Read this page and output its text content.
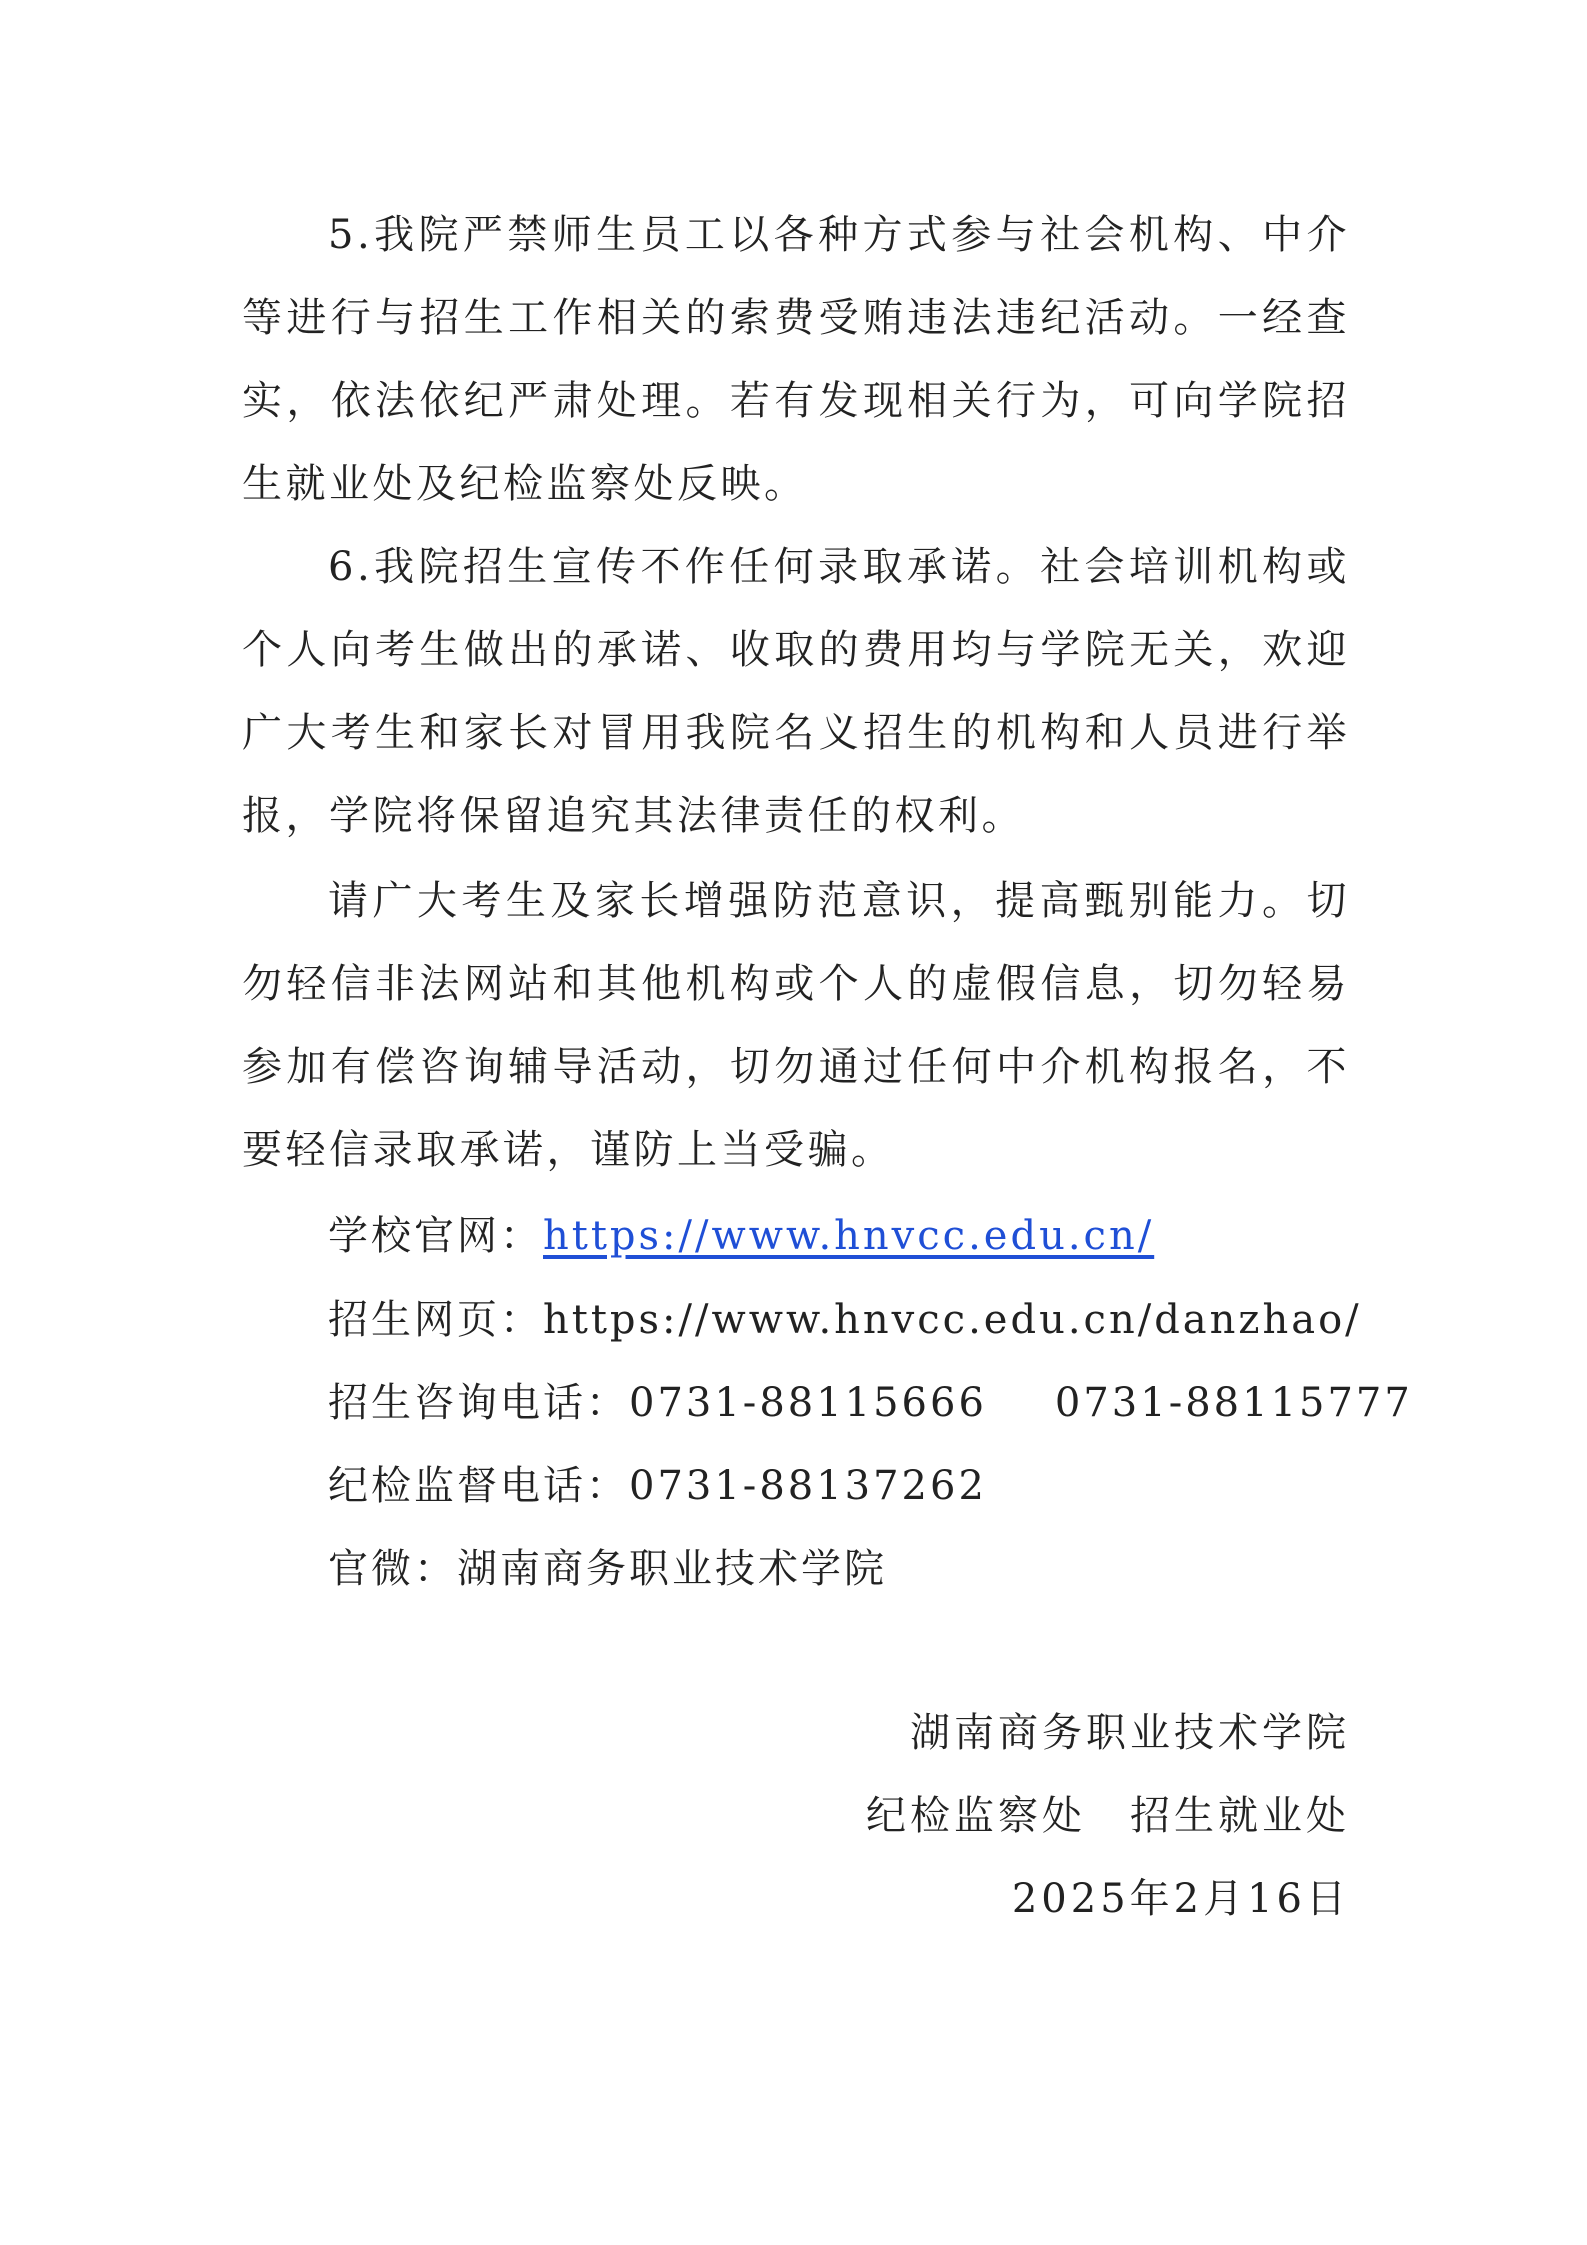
5.我院严禁师生员工以各种方式参与社会机构、中介等进行与招生工作相关的索费受贿违法违纪活动。一经查实，依法依纪严肃处理。若有发现相关行为，可向学院招生就业处及纪检监察处反映。

6.我院招生宣传不作任何录取承诺。社会培训机构或个人向考生做出的承诺、收取的费用均与学院无关，欢迎广大考生和家长对冒用我院名义招生的机构和人员进行举报，学院将保留追究其法律责任的权利。

请广大考生及家长增强防范意识，提高甄别能力。切勿轻信非法网站和其他机构或个人的虚假信息，切勿轻易参加有偿咨询辅导活动，切勿通过任何中介机构报名，不要轻信录取承诺，谨防上当受骗。

学校官网：https://www.hnvcc.edu.cn/

招生网页：https://www.hnvcc.edu.cn/danzhao/

招生咨询电话：0731-88115666 0731-88115777

纪检监督电话：0731-88137262

官微：湖南商务职业技术学院

湖南商务职业技术学院

纪检监察处　招生就业处

2025年2月16日
